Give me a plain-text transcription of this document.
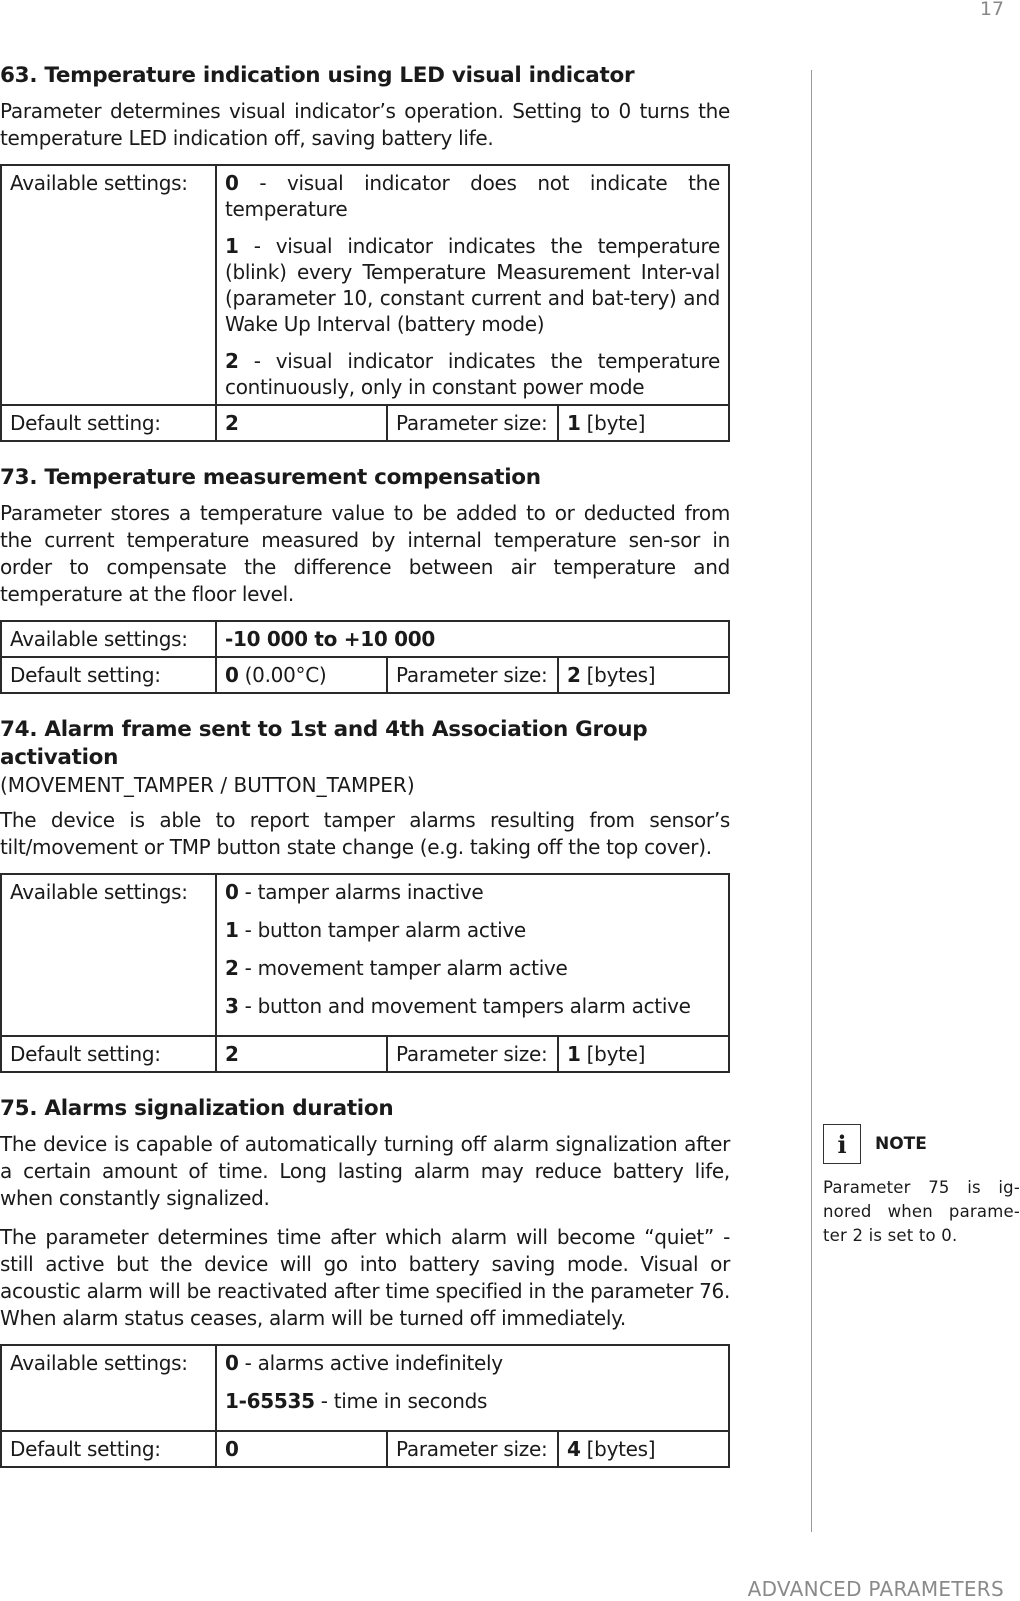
17
63. Temperature indication using LED visual indicator

Parameter determines visual indicator’s operation. Setting to 0 turns the temperature LED indication off, saving battery life.

Available settings:	0 - visual indicator does not indicate the temperature
1 - visual indicator indicates the temperature (blink) every Temperature Measurement Inter-val (parameter 10, constant current and bat-tery) and Wake Up Interval (battery mode)
2 - visual indicator indicates the temperature continuously, only in constant power mode		

Default setting:	2	Parameter size:	1 [byte]
73. Temperature measurement compensation

Parameter stores a temperature value to be added to or deducted from the current temperature measured by internal temperature sen-sor in order to compensate the difference between air temperature and temperature at the floor level.

Available settings:	-10 000 to +10 000		
Default setting:	0 (0.00°C)	Parameter size:	2 [bytes]
74. Alarm frame sent to 1st and 4th Association Group activation
(MOVEMENT_TAMPER / BUTTON_TAMPER)

The device is able to report tamper alarms resulting from sensor’s tilt/movement or TMP button state change (e.g. taking off the top cover).

Available settings:	0 - tamper alarms inactive
1 - button tamper alarm active
2 - movement tamper alarm active
3 - button and movement tampers alarm active		

Default setting:	2	Parameter size:	1 [byte]
75. Alarms signalization duration

The device is capable of automatically turning off alarm signalization after a certain amount of time. Long lasting alarm may reduce battery life, when constantly signalized.

The parameter determines time after which alarm will become “quiet” - still active but the device will go into battery saving mode. Visual or acoustic alarm will be reactivated after time specified in the parameter 76. When alarm status ceases, alarm will be turned off immediately.

Available settings:	0 - alarms active indefinitely
1-65535 - time in seconds		

Default setting:	0	Parameter size:	4 [bytes]
i	NOTE
Parameter 75 is ig-nored when parame-ter 2 is set to 0.
ADVANCED PARAMETERS
